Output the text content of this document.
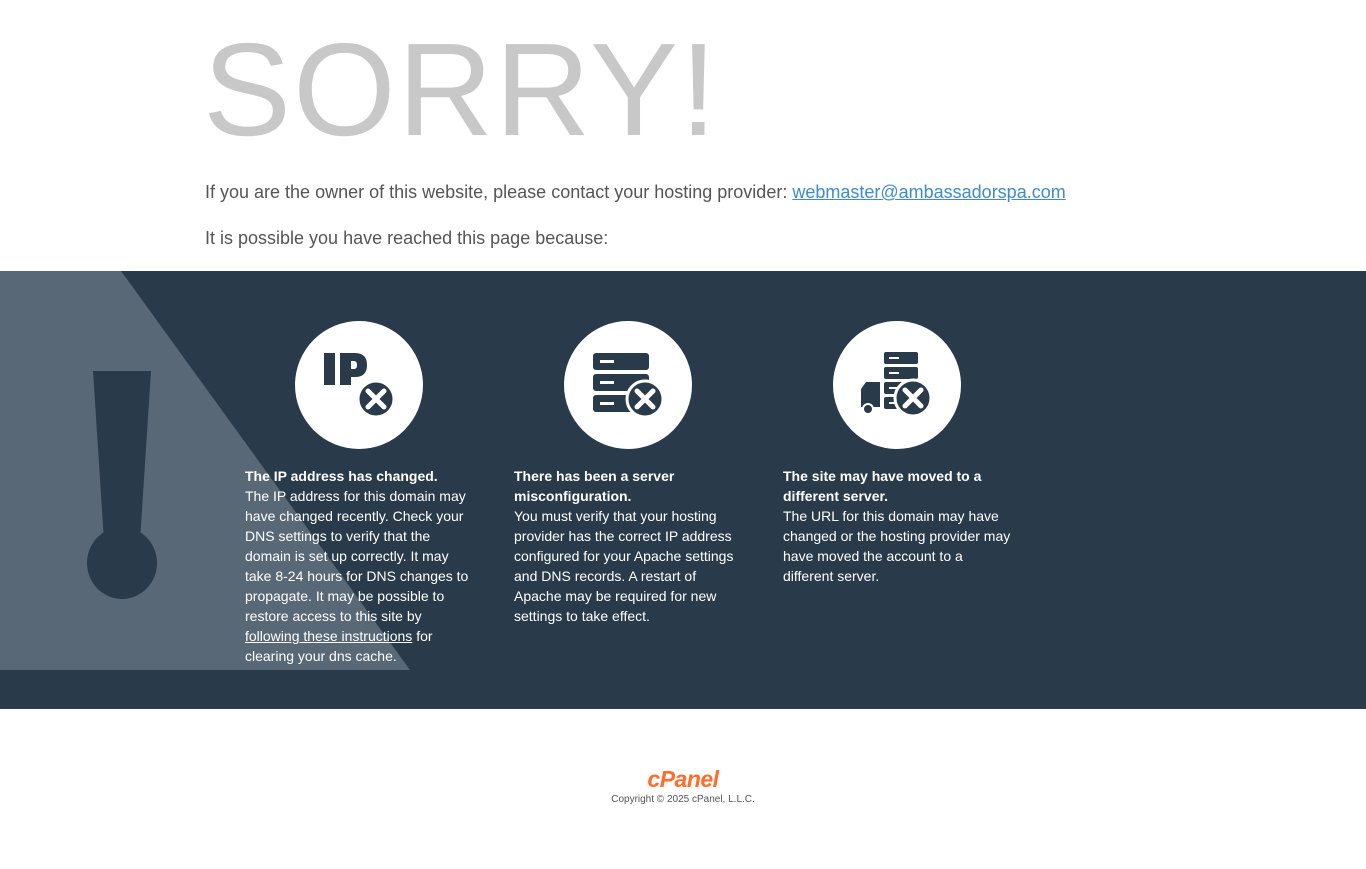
SORRY!

If you are the owner of this website, please contact your hosting provider: webmaster@ambassadorspa.com

It is possible you have reached this page because:

The IP address has changed.
The IP address for this domain may have changed recently. Check your DNS settings to verify that the domain is set up correctly. It may take 8-24 hours for DNS changes to propagate. It may be possible to restore access to this site by following these instructions for clearing your dns cache.
There has been a server misconfiguration.
You must verify that your hosting provider has the correct IP address configured for your Apache settings and DNS records. A restart of Apache may be required for new settings to take effect.
The site may have moved to a different server.
The URL for this domain may have changed or the hosting provider may have moved the account to a different server.
cPanel
Copyright © 2025 cPanel, L.L.C.
